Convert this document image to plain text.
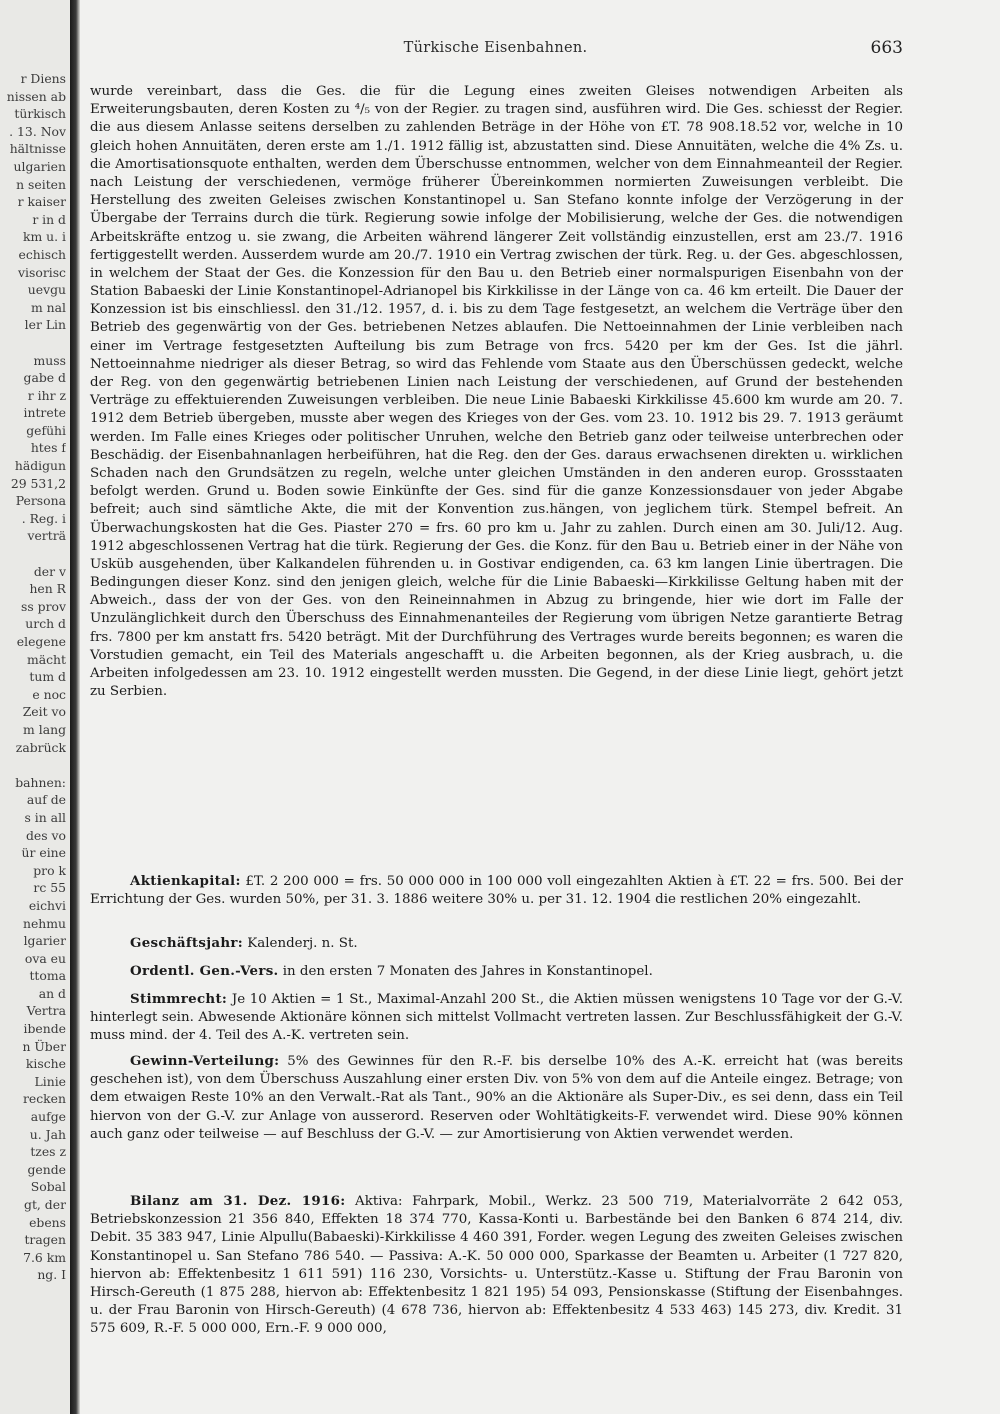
r Diens
nissen ab
türkisch
. 13. Nov
hältnisse
ulgarien
n seiten
r kaiser
r in d
km u. i
echisch
visorisc
uevgu
m nal
ler Lin
muss
gabe d
r ihr z
intrete
gefühi
htes f
hädigun
29 531,2
Persona
. Reg. i
verträ
der v
hen R
ss prov
urch d
elegene
mächt
tum d
e noc
Zeit vo
m lang
zabrück
bahnen:
auf de
s in all
des vo
ür eine
pro k
rc 55
eichvi
nehmu
lgarier
ova eu
ttoma
an d
Vertra
ibende
n Über
kische
Linie
recken
aufge
u. Jah
tzes z
gende
Sobal
gt, der
ebens
tragen
7.6 km
ng. I
Türkische Eisenbahnen.	663
wurde vereinbart, dass die Ges. die für die Legung eines zweiten Gleises notwendigen Arbeiten als Erweiterungsbauten, deren Kosten zu ⁴/₅ von der Regier. zu tragen sind, ausführen wird. Die Ges. schiesst der Regier. die aus diesem Anlasse seitens derselben zu zahlenden Beträge in der Höhe von £T. 78 908.18.52 vor, welche in 10 gleich hohen Annuitäten, deren erste am 1./1. 1912 fällig ist, abzustatten sind. Diese Annuitäten, welche die 4% Zs. u. die Amortisationsquote enthalten, werden dem Überschusse entnommen, welcher von dem Einnahmeanteil der Regier. nach Leistung der verschiedenen, vermöge früherer Übereinkommen normierten Zuweisungen verbleibt. Die Herstellung des zweiten Geleises zwischen Konstantinopel u. San Stefano konnte infolge der Verzögerung in der Übergabe der Terrains durch die türk. Regierung sowie infolge der Mobilisierung, welche der Ges. die notwendigen Arbeitskräfte entzog u. sie zwang, die Arbeiten während längerer Zeit vollständig einzustellen, erst am 23./7. 1916 fertiggestellt werden. Ausserdem wurde am 20./7. 1910 ein Vertrag zwischen der türk. Reg. u. der Ges. abgeschlossen, in welchem der Staat der Ges. die Konzession für den Bau u. den Betrieb einer normalspurigen Eisenbahn von der Station Babaeski der Linie Konstantinopel-Adrianopel bis Kirkkilisse in der Länge von ca. 46 km erteilt. Die Dauer der Konzession ist bis einschliessl. den 31./12. 1957, d. i. bis zu dem Tage festgesetzt, an welchem die Verträge über den Betrieb des gegenwärtig von der Ges. betriebenen Netzes ablaufen. Die Nettoeinnahmen der Linie verbleiben nach einer im Vertrage festgesetzten Aufteilung bis zum Betrage von frcs. 5420 per km der Ges. Ist die jährl. Nettoeinnahme niedriger als dieser Betrag, so wird das Fehlende vom Staate aus den Überschüssen gedeckt, welche der Reg. von den gegenwärtig betriebenen Linien nach Leistung der verschiedenen, auf Grund der bestehenden Verträge zu effektuierenden Zuweisungen verbleiben. Die neue Linie Babaeski Kirkkilisse 45.600 km wurde am 20. 7. 1912 dem Betrieb übergeben, musste aber wegen des Krieges von der Ges. vom 23. 10. 1912 bis 29. 7. 1913 geräumt werden. Im Falle eines Krieges oder politischer Unruhen, welche den Betrieb ganz oder teilweise unterbrechen oder Beschädig. der Eisenbahnanlagen herbeiführen, hat die Reg. den der Ges. daraus erwachsenen direkten u. wirklichen Schaden nach den Grundsätzen zu regeln, welche unter gleichen Umständen in den anderen europ. Grossstaaten befolgt werden. Grund u. Boden sowie Einkünfte der Ges. sind für die ganze Konzessionsdauer von jeder Abgabe befreit; auch sind sämtliche Akte, die mit der Konvention zus.hängen, von jeglichem türk. Stempel befreit. An Überwachungskosten hat die Ges. Piaster 270 = frs. 60 pro km u. Jahr zu zahlen. Durch einen am 30. Juli/12. Aug. 1912 abgeschlossenen Vertrag hat die türk. Regierung der Ges. die Konz. für den Bau u. Betrieb einer in der Nähe von Usküb ausgehenden, über Kalkandelen führenden u. in Gostivar endigenden, ca. 63 km langen Linie übertragen. Die Bedingungen dieser Konz. sind den jenigen gleich, welche für die Linie Babaeski—Kirkkilisse Geltung haben mit der Abweich., dass der von der Ges. von den Reineinnahmen in Abzug zu bringende, hier wie dort im Falle der Unzulänglichkeit durch den Überschuss des Einnahmenanteiles der Regierung vom übrigen Netze garantierte Betrag frs. 7800 per km anstatt frs. 5420 beträgt. Mit der Durchführung des Vertrages wurde bereits begonnen; es waren die Vorstudien gemacht, ein Teil des Materials angeschafft u. die Arbeiten begonnen, als der Krieg ausbrach, u. die Arbeiten infolgedessen am 23. 10. 1912 eingestellt werden mussten. Die Gegend, in der diese Linie liegt, gehört jetzt zu Serbien.
Aktienkapital: £T. 2 200 000 = frs. 50 000 000 in 100 000 voll eingezahlten Aktien à £T. 22 = frs. 500. Bei der Errichtung der Ges. wurden 50%, per 31. 3. 1886 weitere 30% u. per 31. 12. 1904 die restlichen 20% eingezahlt.
Geschäftsjahr: Kalenderj. n. St.
Ordentl. Gen.-Vers. in den ersten 7 Monaten des Jahres in Konstantinopel.
Stimmrecht: Je 10 Aktien = 1 St., Maximal-Anzahl 200 St., die Aktien müssen wenigstens 10 Tage vor der G.-V. hinterlegt sein. Abwesende Aktionäre können sich mittelst Vollmacht vertreten lassen. Zur Beschlussfähigkeit der G.-V. muss mind. der 4. Teil des A.-K. vertreten sein.
Gewinn-Verteilung: 5% des Gewinnes für den R.-F. bis derselbe 10% des A.-K. erreicht hat (was bereits geschehen ist), von dem Überschuss Auszahlung einer ersten Div. von 5% von dem auf die Anteile eingez. Betrage; von dem etwaigen Reste 10% an den Verwalt.-Rat als Tant., 90% an die Aktionäre als Super-Div., es sei denn, dass ein Teil hiervon von der G.-V. zur Anlage von ausserord. Reserven oder Wohltätigkeits-F. verwendet wird. Diese 90% können auch ganz oder teilweise — auf Beschluss der G.-V. — zur Amortisierung von Aktien verwendet werden.
Bilanz am 31. Dez. 1916: Aktiva: Fahrpark, Mobil., Werkz. 23 500 719, Materialvorräte 2 642 053, Betriebskonzession 21 356 840, Effekten 18 374 770, Kassa-Konti u. Barbestände bei den Banken 6 874 214, div. Debit. 35 383 947, Linie Alpullu(Babaeski)-Kirkkilisse 4 460 391, Forder. wegen Legung des zweiten Geleises zwischen Konstantinopel u. San Stefano 786 540. — Passiva: A.-K. 50 000 000, Sparkasse der Beamten u. Arbeiter (1 727 820, hiervon ab: Effektenbesitz 1 611 591) 116 230, Vorsichts- u. Unterstütz.-Kasse u. Stiftung der Frau Baronin von Hirsch-Gereuth (1 875 288, hiervon ab: Effektenbesitz 1 821 195) 54 093, Pensionskasse (Stiftung der Eisenbahnges. u. der Frau Baronin von Hirsch-Gereuth) (4 678 736, hiervon ab: Effektenbesitz 4 533 463) 145 273, div. Kredit. 31 575 609, R.-F. 5 000 000, Ern.-F. 9 000 000,
